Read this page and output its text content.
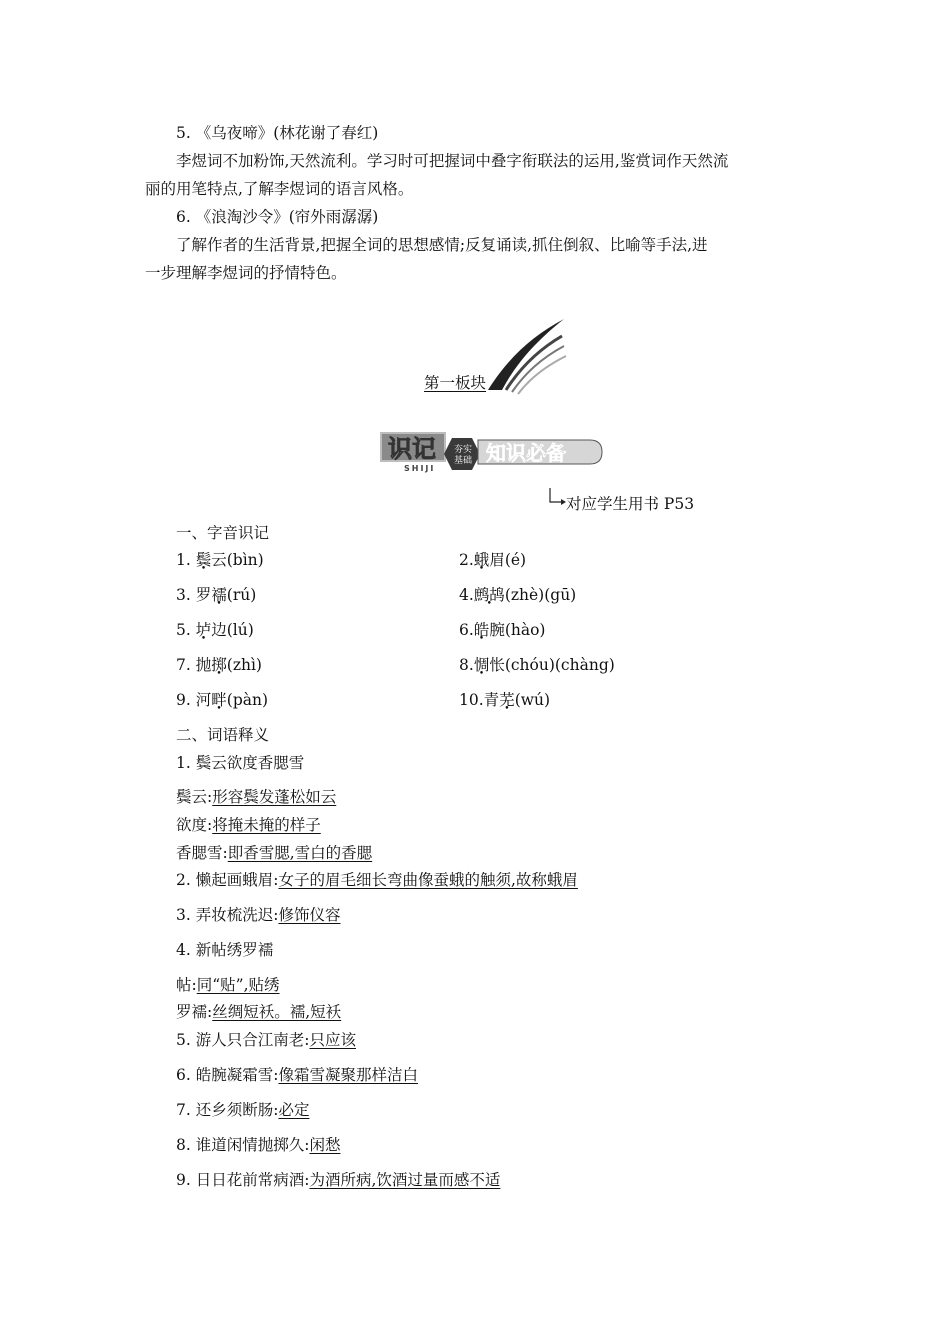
5. 《乌夜啼》(林花谢了春红)
李煜词不加粉饰,天然流利。学习时可把握词中叠字衔联法的运用,鉴赏词作天然流
丽的用笔特点,了解李煜词的语言风格。
6. 《浪淘沙令》(帘外雨潺潺)
了解作者的生活背景,把握全词的思想感情;反复诵读,抓住倒叙、比喻等手法,进
一步理解李煜词的抒情特色。
第一板块
识记
SHIJI
夯实
基础 知识必备
对应学生用书 P53
一、字音识记
1. 鬓云(bìn)	2.蛾眉(é)
3. 罗襦(rú)	4.鹧鸪(zhè)(gū)
5. 垆边(lú)	6.皓腕(hào)
7. 抛掷(zhì)	8.惆怅(chóu)(chàng)
9. 河畔(pàn)	10.青芜(wú)
二、词语释义
1. 鬓云欲度香腮雪
鬓云:形容鬓发蓬松如云
欲度:将掩未掩的样子
香腮雪:即香雪腮,雪白的香腮
2. 懒起画蛾眉:女子的眉毛细长弯曲像蚕蛾的触须,故称蛾眉
3. 弄妆梳洗迟:修饰仪容
4. 新帖绣罗襦
帖:同“贴”,贴绣
罗襦:丝绸短袄。襦,短袄
5. 游人只合江南老:只应该
6. 皓腕凝霜雪:像霜雪凝聚那样洁白
7. 还乡须断肠:必定
8. 谁道闲情抛掷久:闲愁
9. 日日花前常病酒:为酒所病,饮酒过量而感不适
